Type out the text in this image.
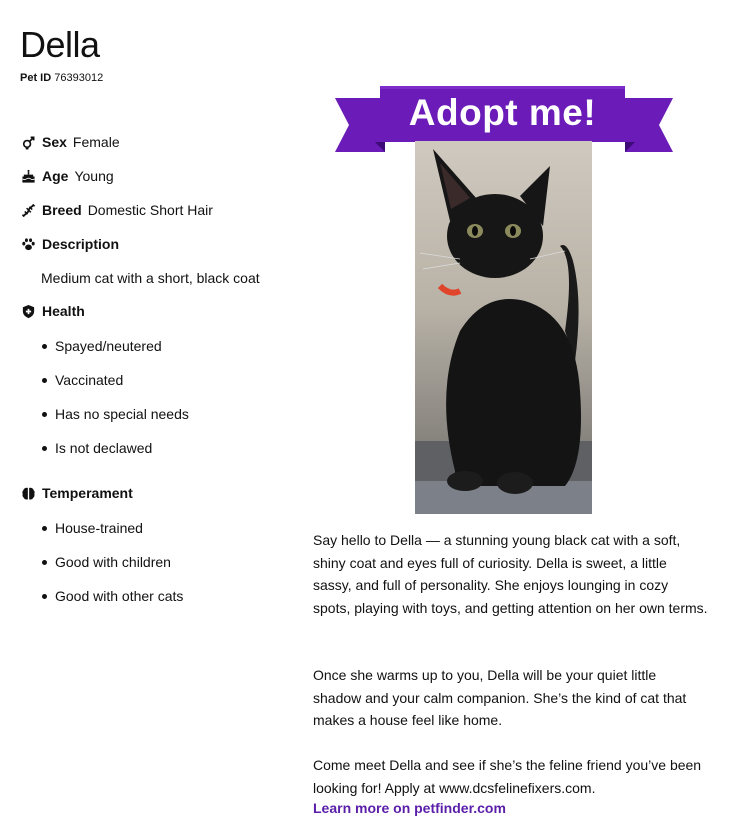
Della
Pet ID 76393012
Sex Female
Age Young
Breed Domestic Short Hair
Description
Medium cat with a short, black coat
Health
Spayed/neutered
Vaccinated
Has no special needs
Is not declawed
Temperament
House-trained
Good with children
Good with other cats
Adopt me!

Say hello to Della — a stunning young black cat with a soft, shiny coat and eyes full of curiosity. Della is sweet, a little sassy, and full of personality. She enjoys lounging in cozy spots, playing with toys, and getting attention on her own terms.

Once she warms up to you, Della will be your quiet little shadow and your calm companion. She’s the kind of cat that makes a house feel like home.

Come meet Della and see if she’s the feline friend you’ve been looking for! Apply at www.dcsfelinefixers.com.

Learn more on petfinder.com
